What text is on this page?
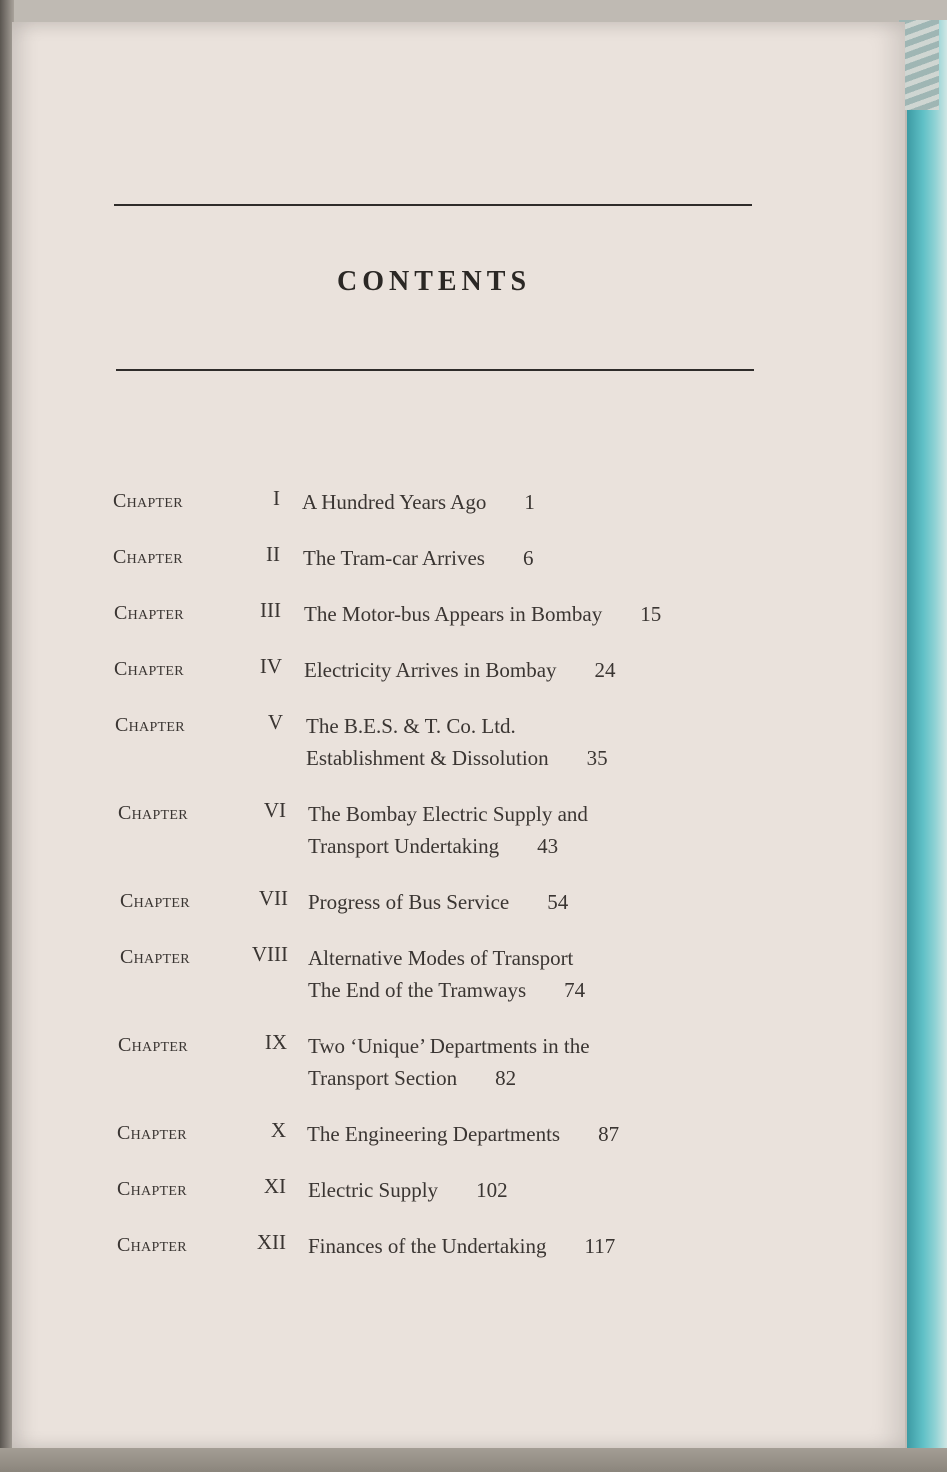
CONTENTS
Chapter	I A Hundred Years Ago 1
Chapter	II The Tram-car Arrives 6
Chapter	III The Motor-bus Appears in Bombay 15
Chapter	IV Electricity Arrives in Bombay 24
Chapter	V The B.E.S. & T. Co. Ltd.
Establishment & Dissolution 35
Chapter	VI The Bombay Electric Supply and
Transport Undertaking 43
Chapter	VII Progress of Bus Service 54
Chapter	VIII Alternative Modes of Transport
The End of the Tramways 74
Chapter	IX Two ‘Unique’ Departments in the
Transport Section 82
Chapter	X The Engineering Departments 87
Chapter	XI Electric Supply 102
Chapter	XII Finances of the Undertaking 117
